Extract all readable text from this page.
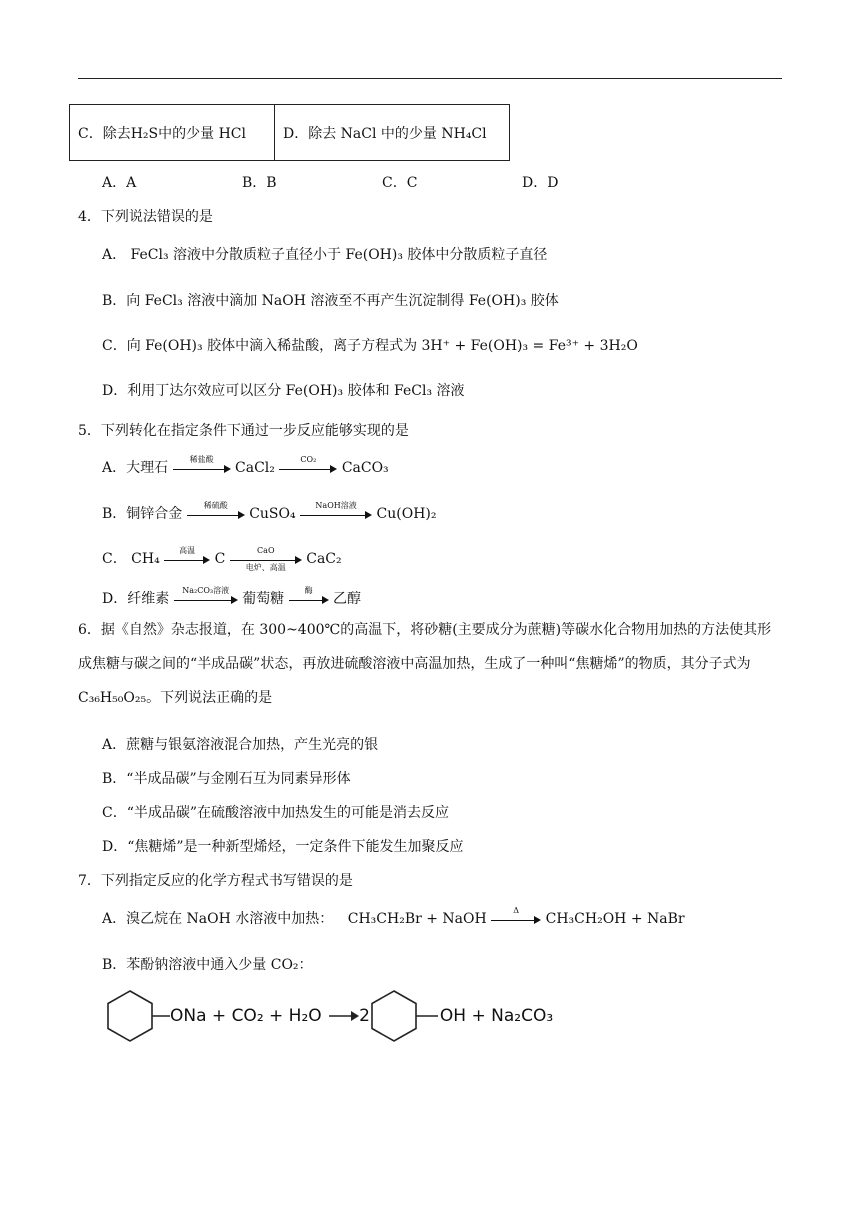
C．除去H₂S中的少量 HCl	D．除去 NaCl 中的少量 NH₄Cl
A．A	B．B	C．C	D．D
4．下列说法错误的是
A． FeCl₃ 溶液中分散质粒子直径小于 Fe(OH)₃ 胶体中分散质粒子直径
B．向 FeCl₃ 溶液中滴加 NaOH 溶液至不再产生沉淀制得 Fe(OH)₃ 胶体
C．向 Fe(OH)₃ 胶体中滴入稀盐酸，离子方程式为 3H⁺ + Fe(OH)₃ = Fe³⁺ + 3H₂O
D．利用丁达尔效应可以区分 Fe(OH)₃ 胶体和 FeCl₃ 溶液
5．下列转化在指定条件下通过一步反应能够实现的是
A．大理石
稀盐酸
CaCl₂
CO₂
CaCO₃
B．铜锌合金
稀硫酸
CuSO₄
NaOH溶液
Cu(OH)₂
C． CH₄
高温
C
CaO
电炉、高温
CaC₂
D．纤维素
Na₂CO₃溶液
葡萄糖
酶
乙醇
6．据《自然》杂志报道，在 300~400℃的高温下，将砂糖(主要成分为蔗糖)等碳水化合物用加热的方法使其形成焦糖与碳之间的“半成品碳”状态，再放进硫酸溶液中高温加热，生成了一种叫“焦糖烯”的物质，其分子式为 C₃₆H₅₀O₂₅。下列说法正确的是
A．蔗糖与银氨溶液混合加热，产生光亮的银
B．“半成品碳”与金刚石互为同素异形体
C．“半成品碳”在硫酸溶液中加热发生的可能是消去反应
D．“焦糖烯”是一种新型烯烃，一定条件下能发生加聚反应
7．下列指定反应的化学方程式书写错误的是
A．溴乙烷在 NaOH 水溶液中加热： CH₃CH₂Br + NaOH
Δ
CH₃CH₂OH + NaBr
B．苯酚钠溶液中通入少量 CO₂：
ONa + CO₂ + H₂O →2	OH + Na₂CO₃
